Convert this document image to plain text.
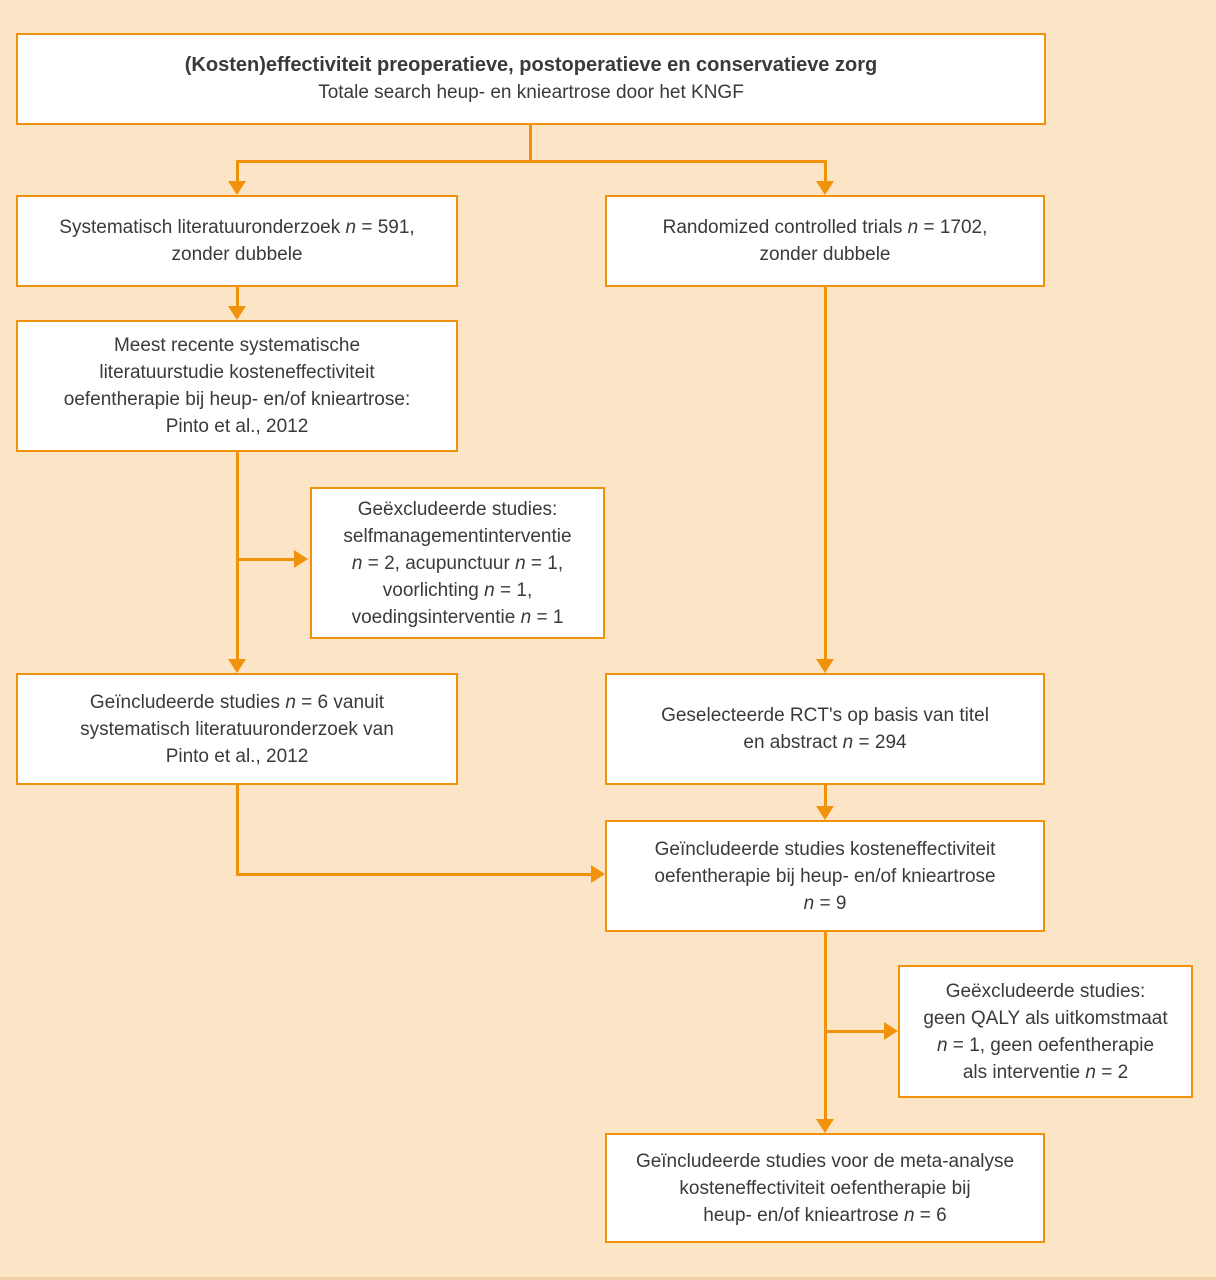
(Kosten)effectiviteit preoperatieve, postoperatieve en conservatieve zorg
Totale search heup- en knieartrose door het KNGF
Systematisch literatuuronderzoek n = 591,
zonder dubbele
Randomized controlled trials n = 1702,
zonder dubbele
Meest recente systematische
literatuurstudie kosteneffectiviteit
oefentherapie bij heup- en/of knieartrose:
Pinto et al., 2012
Geëxcludeerde studies:
selfmanagementinterventie
n = 2, acupunctuur n = 1,
voorlichting n = 1,
voedingsinterventie n = 1
Geïncludeerde studies n = 6 vanuit
systematisch literatuuronderzoek van
Pinto et al., 2012
Geselecteerde RCT's op basis van titel
en abstract n = 294
Geïncludeerde studies kosteneffectiviteit
oefentherapie bij heup- en/of knieartrose
n = 9
Geëxcludeerde studies:
geen QALY als uitkomstmaat
n = 1, geen oefentherapie
als interventie n = 2
Geïncludeerde studies voor de meta-analyse
kosteneffectiviteit oefentherapie bij
heup- en/of knieartrose n = 6
